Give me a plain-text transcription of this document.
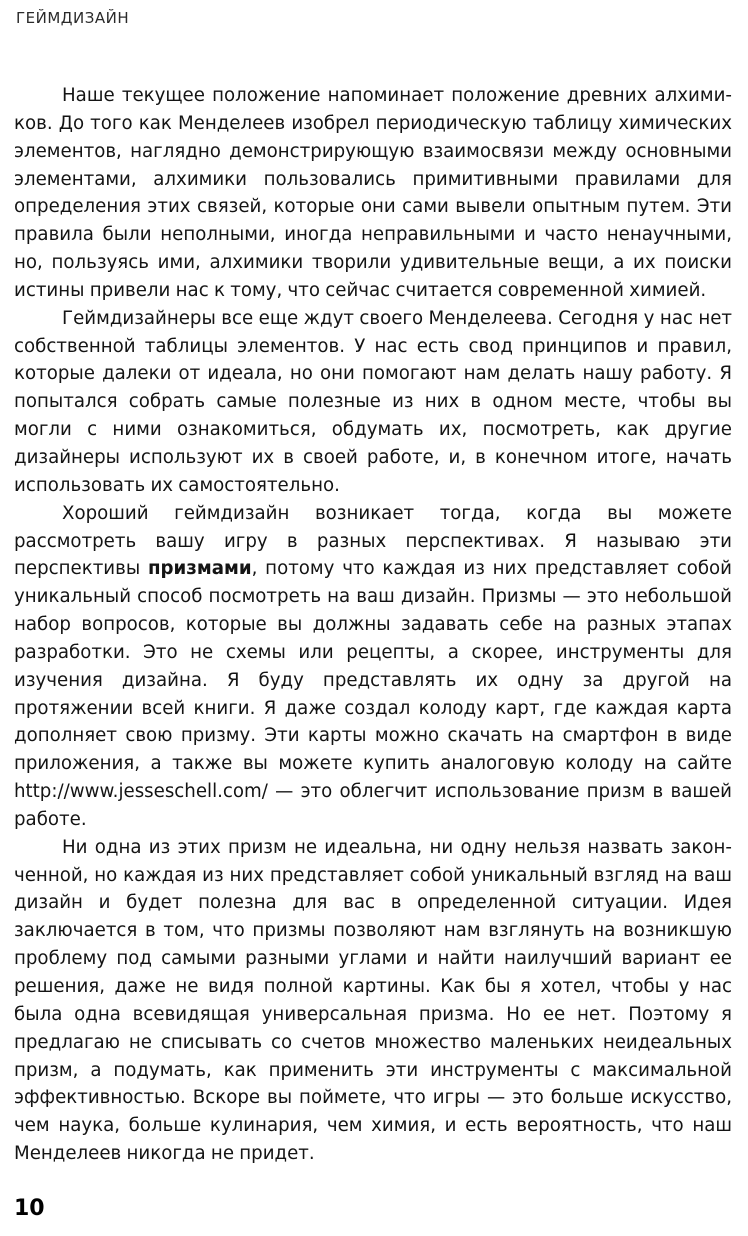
ГЕЙМДИЗАЙН

Наше текущее положение напоминает положение древних алхимиков. До того как Менделеев изобрел периодическую таблицу химических элементов, наглядно демонстрирующую взаимосвязи между основными элементами, алхимики пользовались примитивными правилами для определения этих связей, которые они сами вывели опытным путем. Эти правила были неполными, иногда неправильными и часто ненаучными, но, пользуясь ими, алхимики творили удивительные вещи, а их поиски истины привели нас к тому, что сейчас считается современной химией.

Геймдизайнеры все еще ждут своего Менделеева. Сегодня у нас нет собственной таблицы элементов. У нас есть свод принципов и правил, которые далеки от идеала, но они помогают нам делать нашу работу. Я попытался собрать самые полезные из них в одном месте, чтобы вы могли с ними ознакомиться, обдумать их, посмотреть, как другие дизайнеры используют их в своей работе, и, в конечном итоге, начать использовать их самостоятельно.

Хороший геймдизайн возникает тогда, когда вы можете рассмотреть вашу игру в разных перспективах. Я называю эти перспективы призмами, потому что каждая из них представляет собой уникальный способ посмотреть на ваш дизайн. Призмы — это небольшой набор вопросов, которые вы должны задавать себе на разных этапах разработки. Это не схемы или рецепты, а скорее, инструменты для изучения дизайна. Я буду представлять их одну за другой на протяжении всей книги. Я даже создал колоду карт, где каждая карта дополняет свою призму. Эти карты можно скачать на смартфон в виде приложения, а также вы можете купить аналоговую колоду на сайте http://www.jesseschell.com/ — это облегчит использование призм в вашей работе.

Ни одна из этих призм не идеальна, ни одну нельзя назвать законченной, но каждая из них представляет собой уникальный взгляд на ваш дизайн и будет полезна для вас в определенной ситуации. Идея заключается в том, что призмы позволяют нам взглянуть на возникшую проблему под самыми разными углами и найти наилучший вариант ее решения, даже не видя полной картины. Как бы я хотел, чтобы у нас была одна всевидящая универсальная призма. Но ее нет. Поэтому я предлагаю не списывать со счетов множество маленьких неидеальных призм, а подумать, как применить эти инструменты с максимальной эффективностью. Вскоре вы поймете, что игры — это больше искусство, чем наука, больше кулинария, чем химия, и есть вероятность, что наш Менделеев никогда не придет.

10
